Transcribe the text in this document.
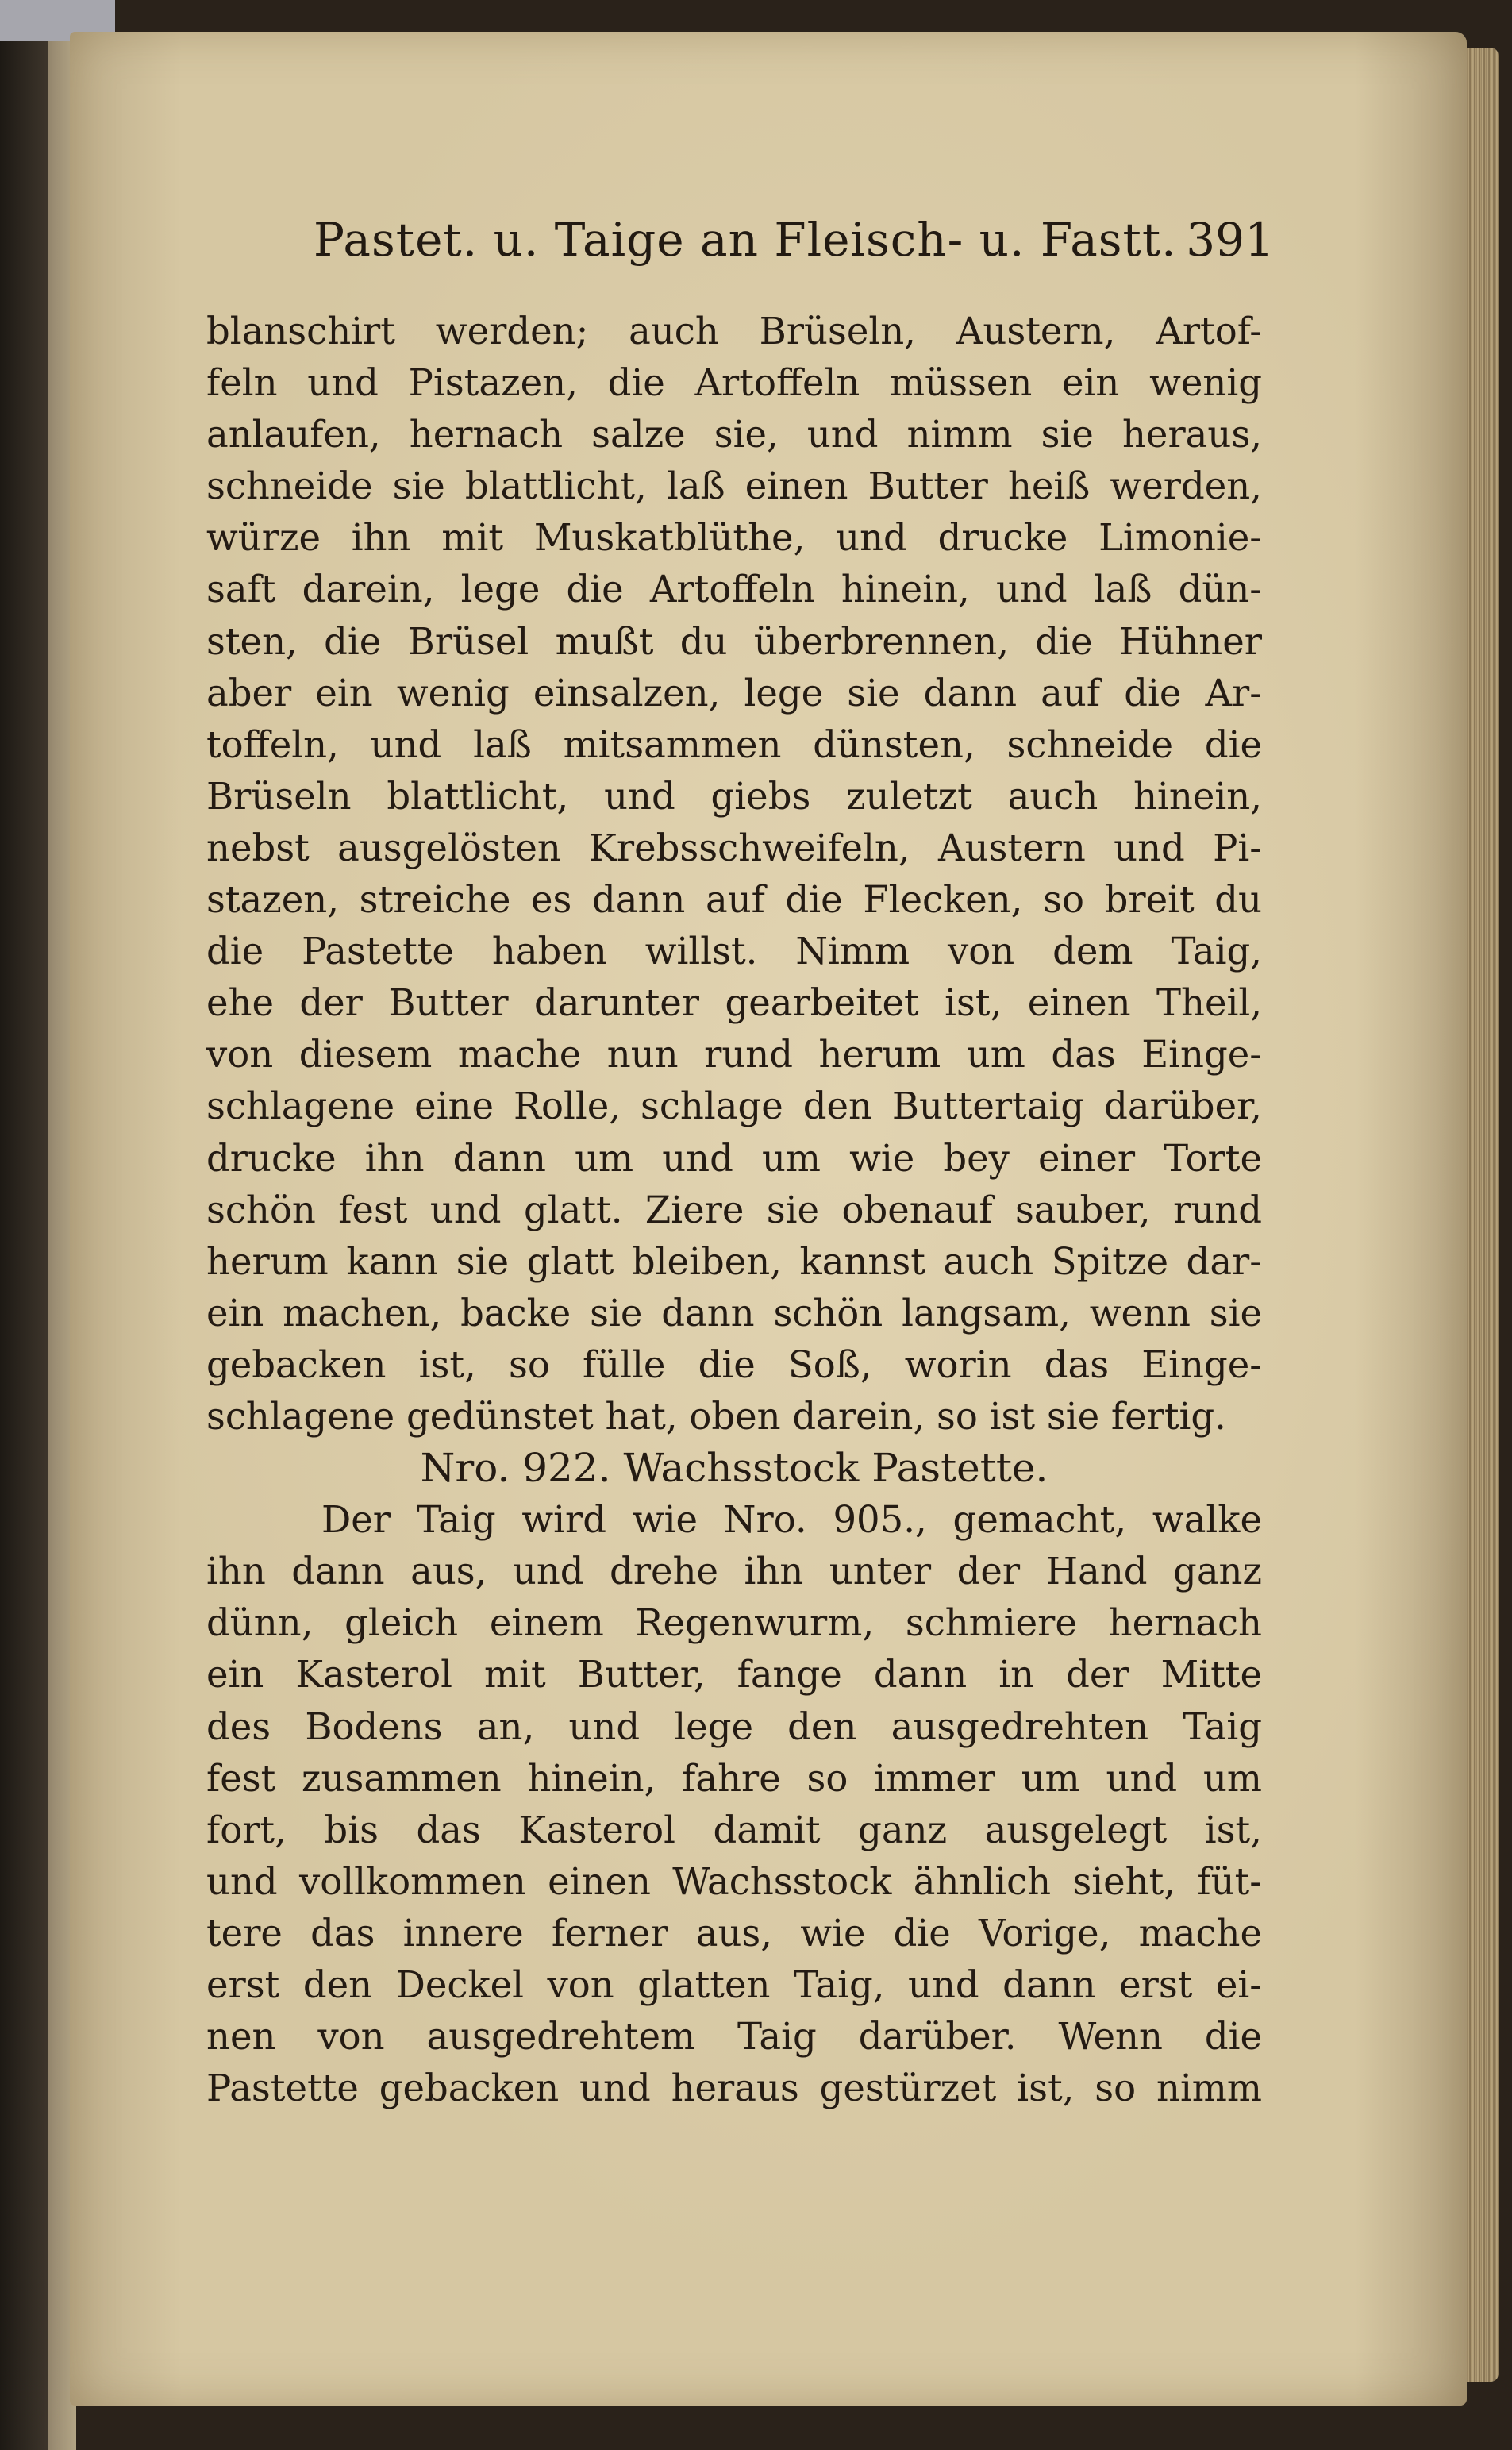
Pastet. u. Taige an Fleisch- u. Fastt. 391
blanschirt werden; auch Brüseln, Austern, Artof-
feln und Pistazen, die Artoffeln müssen ein wenig
anlaufen, hernach salze sie, und nimm sie heraus,
schneide sie blattlicht, laß einen Butter heiß werden,
würze ihn mit Muskatblüthe, und drucke Limonie-
saft darein, lege die Artoffeln hinein, und laß dün-
sten, die Brüsel mußt du überbrennen, die Hühner
aber ein wenig einsalzen, lege sie dann auf die Ar-
toffeln, und laß mitsammen dünsten, schneide die
Brüseln blattlicht, und giebs zuletzt auch hinein,
nebst ausgelösten Krebsschweifeln, Austern und Pi-
stazen, streiche es dann auf die Flecken, so breit du
die Pastette haben willst. Nimm von dem Taig,
ehe der Butter darunter gearbeitet ist, einen Theil,
von diesem mache nun rund herum um das Einge-
schlagene eine Rolle, schlage den Buttertaig darüber,
drucke ihn dann um und um wie bey einer Torte
schön fest und glatt. Ziere sie obenauf sauber, rund
herum kann sie glatt bleiben, kannst auch Spitze dar-
ein machen, backe sie dann schön langsam, wenn sie
gebacken ist, so fülle die Soß, worin das Einge-
schlagene gedünstet hat, oben darein, so ist sie fertig.
Nro. 922. Wachsstock Pastette.
Der Taig wird wie Nro. 905., gemacht, walke
ihn dann aus, und drehe ihn unter der Hand ganz
dünn, gleich einem Regenwurm, schmiere hernach
ein Kasterol mit Butter, fange dann in der Mitte
des Bodens an, und lege den ausgedrehten Taig
fest zusammen hinein, fahre so immer um und um
fort, bis das Kasterol damit ganz ausgelegt ist,
und vollkommen einen Wachsstock ähnlich sieht, füt-
tere das innere ferner aus, wie die Vorige, mache
erst den Deckel von glatten Taig, und dann erst ei-
nen von ausgedrehtem Taig darüber. Wenn die
Pastette gebacken und heraus gestürzet ist, so nimm
